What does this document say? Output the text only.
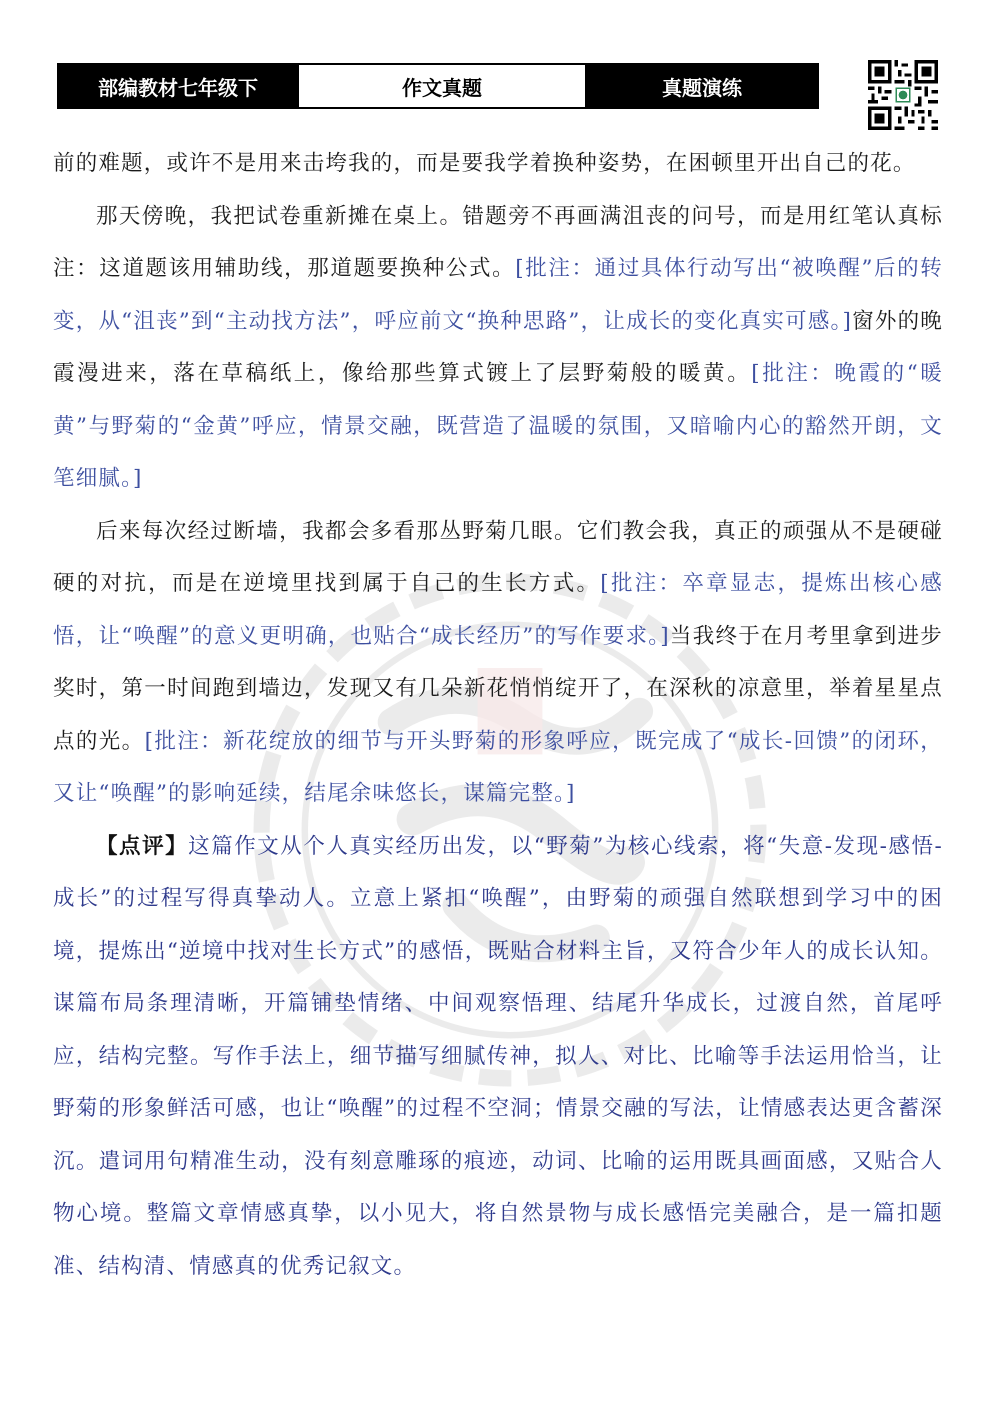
部编教材七年级下	作文真题	真题演练

前的难题，或许不是用来击垮我的，而是要我学着换种姿势，在困顿里开出自己的花。

那天傍晚，我把试卷重新摊在桌上。错题旁不再画满沮丧的问号，而是用红笔认真标注：这道题该用辅助线，那道题要换种公式。[批注：通过具体行动写出“被唤醒”后的转变，从“沮丧”到“主动找方法”，呼应前文“换种思路”，让成长的变化真实可感。]窗外的晚霞漫进来，落在草稿纸上，像给那些算式镀上了层野菊般的暖黄。[批注：晚霞的“暖黄”与野菊的“金黄”呼应，情景交融，既营造了温暖的氛围，又暗喻内心的豁然开朗，文笔细腻。]

后来每次经过断墙，我都会多看那丛野菊几眼。它们教会我，真正的顽强从不是硬碰硬的对抗，而是在逆境里找到属于自己的生长方式。[批注：卒章显志，提炼出核心感悟，让“唤醒”的意义更明确，也贴合“成长经历”的写作要求。]当我终于在月考里拿到进步奖时，第一时间跑到墙边，发现又有几朵新花悄悄绽开了，在深秋的凉意里，举着星星点点的光。[批注：新花绽放的细节与开头野菊的形象呼应，既完成了“成长-回馈”的闭环，又让“唤醒”的影响延续，结尾余味悠长，谋篇完整。]

【点评】这篇作文从个人真实经历出发，以“野菊”为核心线索，将“失意-发现-感悟-成长”的过程写得真挚动人。立意上紧扣“唤醒”，由野菊的顽强自然联想到学习中的困境，提炼出“逆境中找对生长方式”的感悟，既贴合材料主旨，又符合少年人的成长认知。谋篇布局条理清晰，开篇铺垫情绪、中间观察悟理、结尾升华成长，过渡自然，首尾呼应，结构完整。写作手法上，细节描写细腻传神，拟人、对比、比喻等手法运用恰当，让野菊的形象鲜活可感，也让“唤醒”的过程不空洞；情景交融的写法，让情感表达更含蓄深沉。遣词用句精准生动，没有刻意雕琢的痕迹，动词、比喻的运用既具画面感，又贴合人物心境。整篇文章情感真挚，以小见大，将自然景物与成长感悟完美融合，是一篇扣题准、结构清、情感真的优秀记叙文。
